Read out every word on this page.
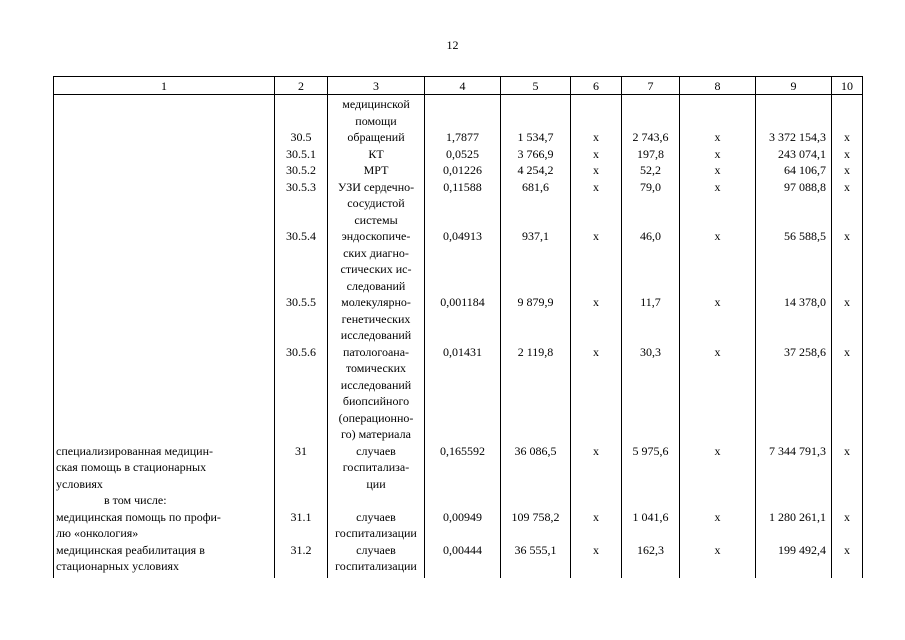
12
1	2	3	4	5	6	7	8	9	10
		медицинской							
		помощи							
	30.5	обращений	1,7877	1 534,7	х	2 743,6	х	3 372 154,3	х
	30.5.1	КТ	0,0525	3 766,9	х	197,8	х	243 074,1	х
	30.5.2	МРТ	0,01226	4 254,2	х	52,2	х	64 106,7	х
	30.5.3	УЗИ сердечно-	0,11588	681,6	х	79,0	х	97 088,8	х
		сосудистой							
		системы							
	30.5.4	эндоскопиче-	0,04913	937,1	х	46,0	х	56 588,5	х
		ских диагно-							
		стических ис-							
		следований							
	30.5.5	молекулярно-	0,001184	9 879,9	х	11,7	х	14 378,0	х
		генетических							
		исследований							
	30.5.6	патологоана-	0,01431	2 119,8	х	30,3	х	37 258,6	х
		томических							
		исследований							
		биопсийного							
		(операционно-							
		го) материала							
специализированная медицин-	31	случаев	0,165592	36 086,5	х	5 975,6	х	7 344 791,3	х
ская помощь в стационарных		госпитализа-							
условиях		ции							
в том числе:									
медицинская помощь по профи-	31.1	случаев	0,00949	109 758,2	х	1 041,6	х	1 280 261,1	х
лю «онкология»		госпитализации							
медицинская реабилитация в	31.2	случаев	0,00444	36 555,1	х	162,3	х	199 492,4	х
стационарных условиях		госпитализации							
